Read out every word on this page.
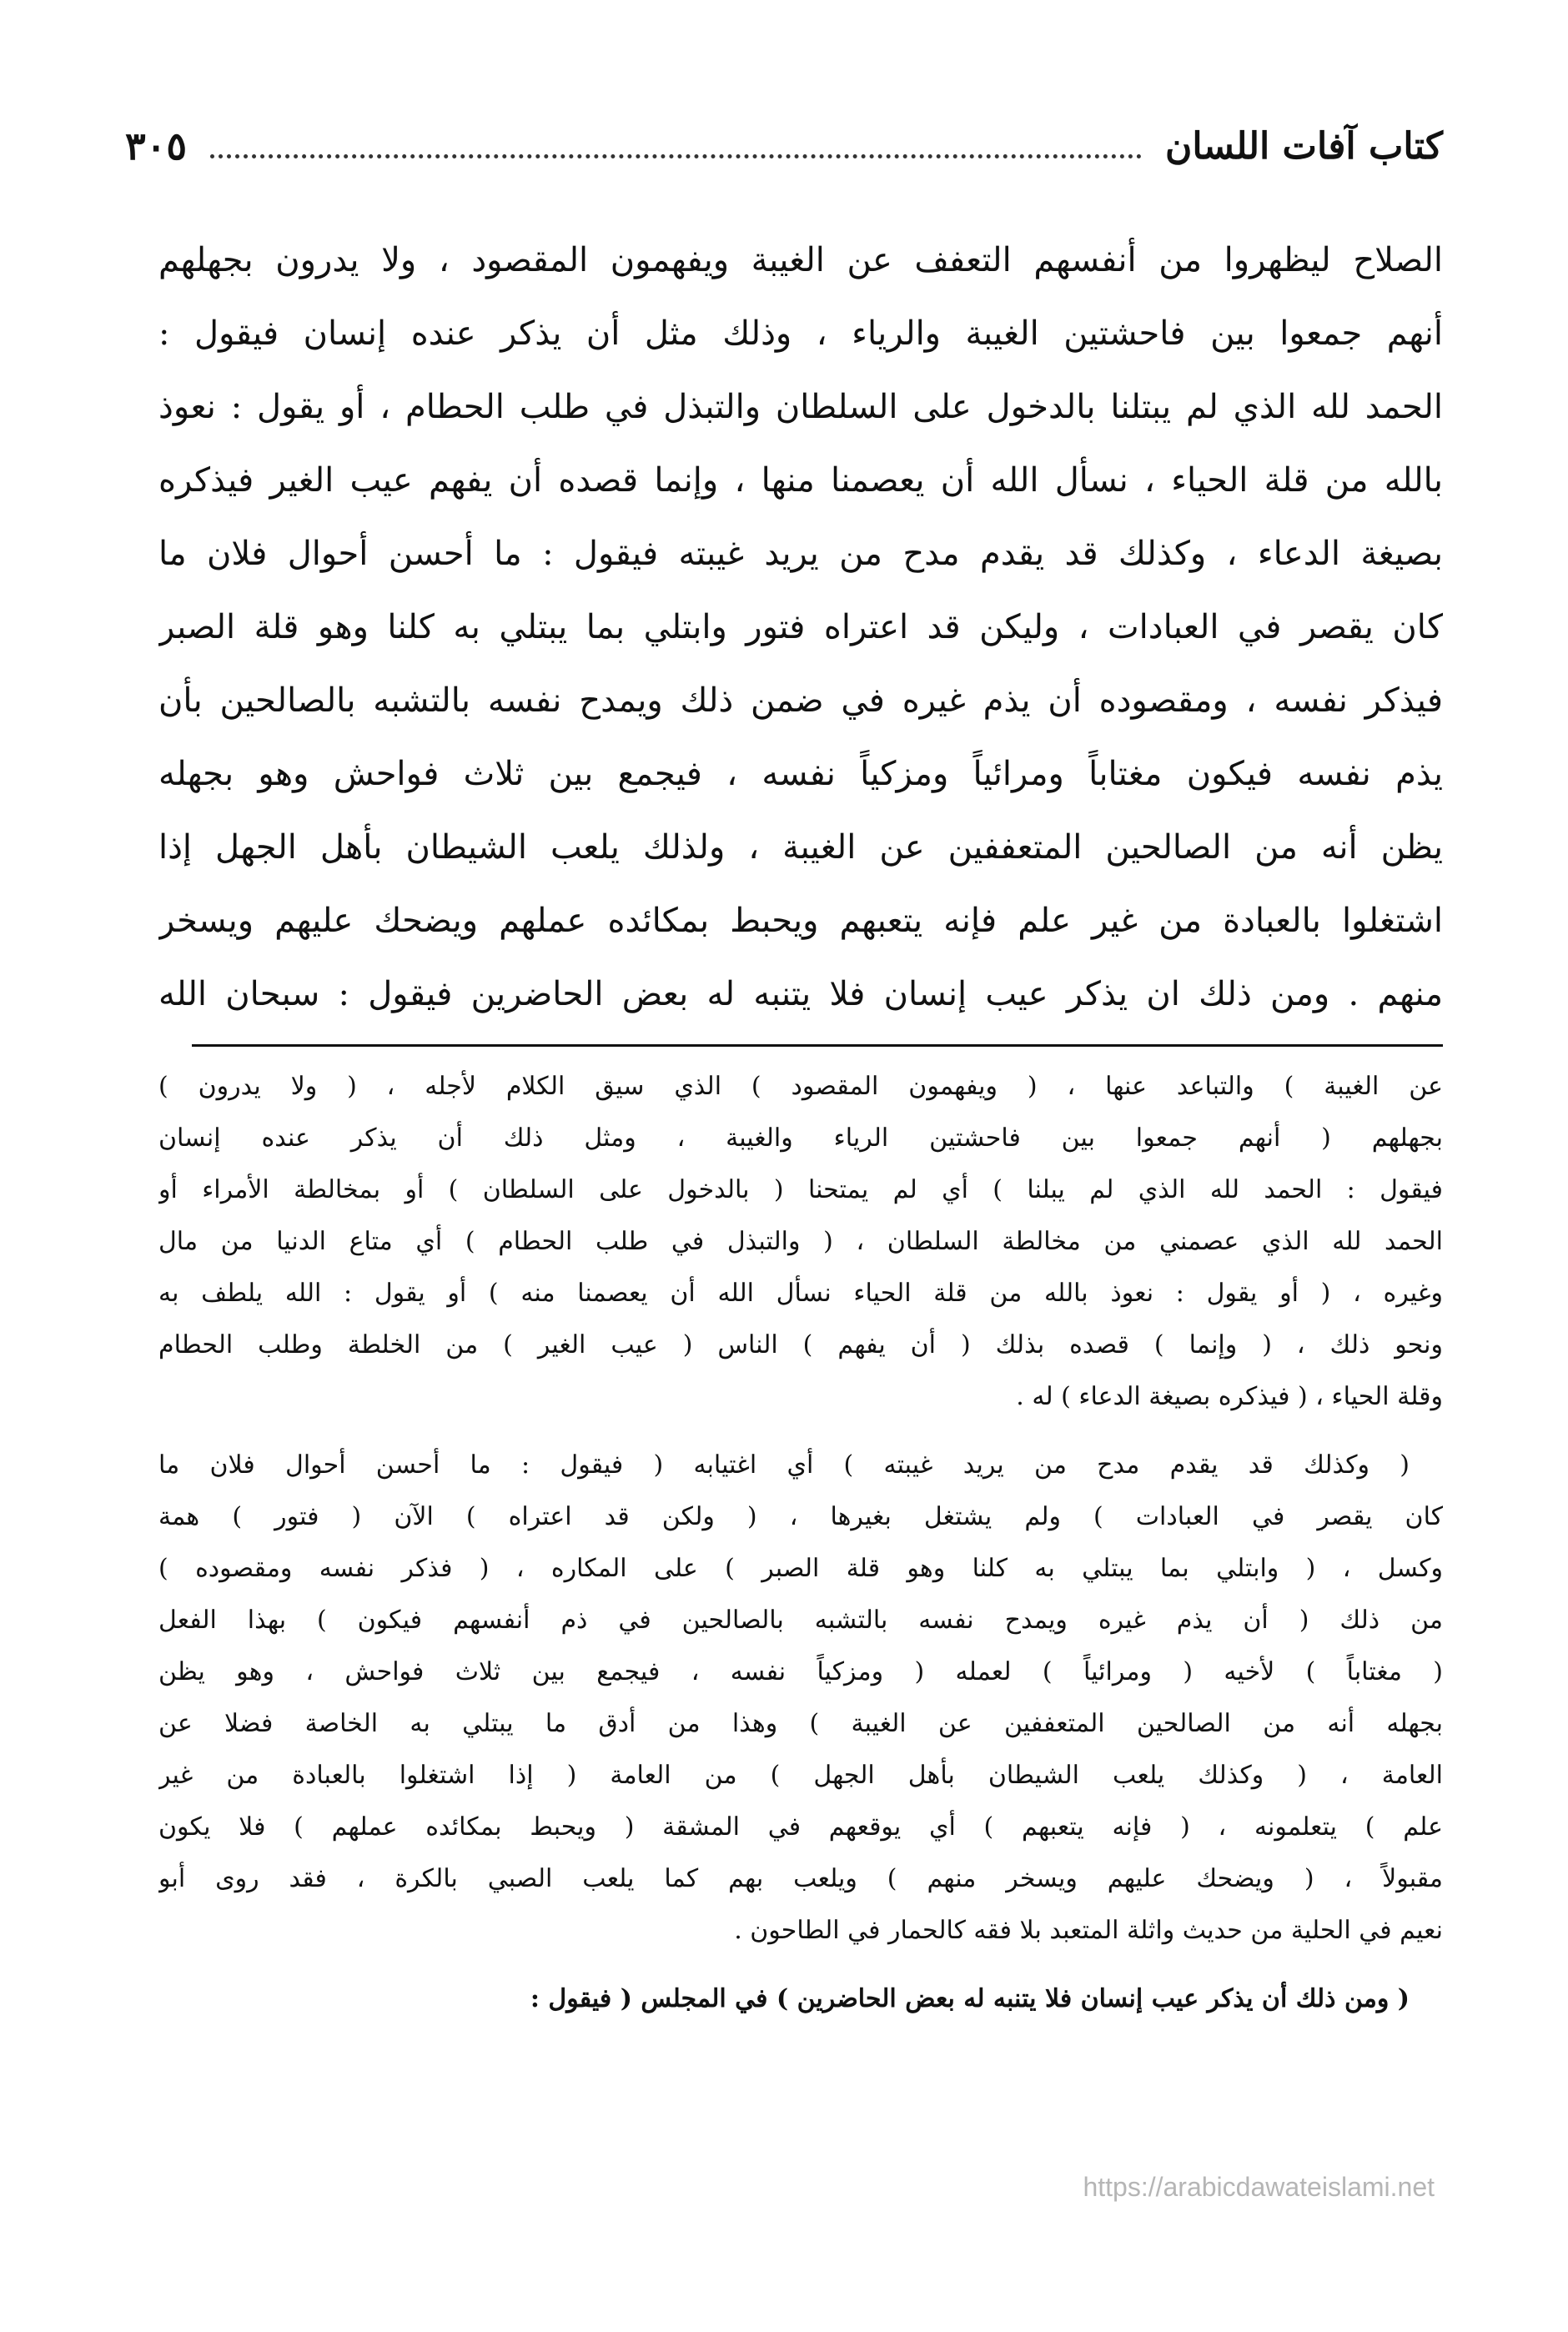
كتاب آفات اللسان
٣٠٥
الصلاح ليظهروا من أنفسهم التعفف عن الغيبة ويفهمون المقصود ، ولا يدرون بجهلهم
أنهم جمعوا بين فاحشتين الغيبة والرياء ، وذلك مثل أن يذكر عنده إنسان فيقول :
الحمد لله الذي لم يبتلنا بالدخول على السلطان والتبذل في طلب الحطام ، أو يقول : نعوذ
بالله من قلة الحياء ، نسأل الله أن يعصمنا منها ، وإنما قصده أن يفهم عيب الغير فيذكره
بصيغة الدعاء ، وكذلك قد يقدم مدح من يريد غيبته فيقول : ما أحسن أحوال فلان ما
كان يقصر في العبادات ، وليكن قد اعتراه فتور وابتلي بما يبتلي به كلنا وهو قلة الصبر
فيذكر نفسه ، ومقصوده أن يذم غيره في ضمن ذلك ويمدح نفسه بالتشبه بالصالحين بأن
يذم نفسه فيكون مغتاباً ومرائياً ومزكياً نفسه ، فيجمع بين ثلاث فواحش وهو بجهله
يظن أنه من الصالحين المتعففين عن الغيبة ، ولذلك يلعب الشيطان بأهل الجهل إذا
اشتغلوا بالعبادة من غير علم فإنه يتعبهم ويحبط بمكائده عملهم ويضحك عليهم ويسخر
منهم . ومن ذلك ان يذكر عيب إنسان فلا يتنبه له بعض الحاضرين فيقول : سبحان الله
عن الغيبة ) والتباعد عنها ، ( ويفهمون المقصود ) الذي سيق الكلام لأجله ، ( ولا يدرون )
بجهلهم ( أنهم جمعوا بين فاحشتين الرياء والغيبة ، ومثل ذلك أن يذكر عنده إنسان
فيقول : الحمد لله الذي لم يبلنا ) أي لم يمتحنا ( بالدخول على السلطان ) أو بمخالطة الأمراء أو
الحمد لله الذي عصمني من مخالطة السلطان ، ( والتبذل في طلب الحطام ) أي متاع الدنيا من مال
وغيره ، ( أو يقول : نعوذ بالله من قلة الحياء نسأل الله أن يعصمنا منه ) أو يقول : الله يلطف به
ونحو ذلك ، ( وإنما ) قصده بذلك ( أن يفهم ) الناس ( عيب الغير ) من الخلطة وطلب الحطام
وقلة الحياء ، ( فيذكره بصيغة الدعاء ) له .
( وكذلك قد يقدم مدح من يريد غيبته ) أي اغتيابه ( فيقول : ما أحسن أحوال فلان ما
كان يقصر في العبادات ) ولم يشتغل بغيرها ، ( ولكن قد اعتراه ) الآن ( فتور ) همة
وكسل ، ( وابتلي بما يبتلي به كلنا وهو قلة الصبر ) على المكاره ، ( فذكر نفسه ومقصوده )
من ذلك ( أن يذم غيره ويمدح نفسه بالتشبه بالصالحين في ذم أنفسهم فيكون ) بهذا الفعل
( مغتاباً ) لأخيه ( ومرائياً ) لعمله ( ومزكياً نفسه ، فيجمع بين ثلاث فواحش ، وهو يظن
بجهله أنه من الصالحين المتعففين عن الغيبة ) وهذا من أدق ما يبتلي به الخاصة فضلا عن
العامة ، ( وكذلك يلعب الشيطان بأهل الجهل ) من العامة ( إذا اشتغلوا بالعبادة من غير
علم ) يتعلمونه ، ( فإنه يتعبهم ) أي يوقعهم في المشقة ( ويحبط بمكائده عملهم ) فلا يكون
مقبولاً ، ( ويضحك عليهم ويسخر منهم ) ويلعب بهم كما يلعب الصبي بالكرة ، فقد روى أبو
نعيم في الحلية من حديث واثلة المتعبد بلا فقه كالحمار في الطاحون .
( ومن ذلك أن يذكر عيب إنسان فلا يتنبه له بعض الحاضرين ) في المجلس ( فيقول :
https://arabicdawateislami.net
